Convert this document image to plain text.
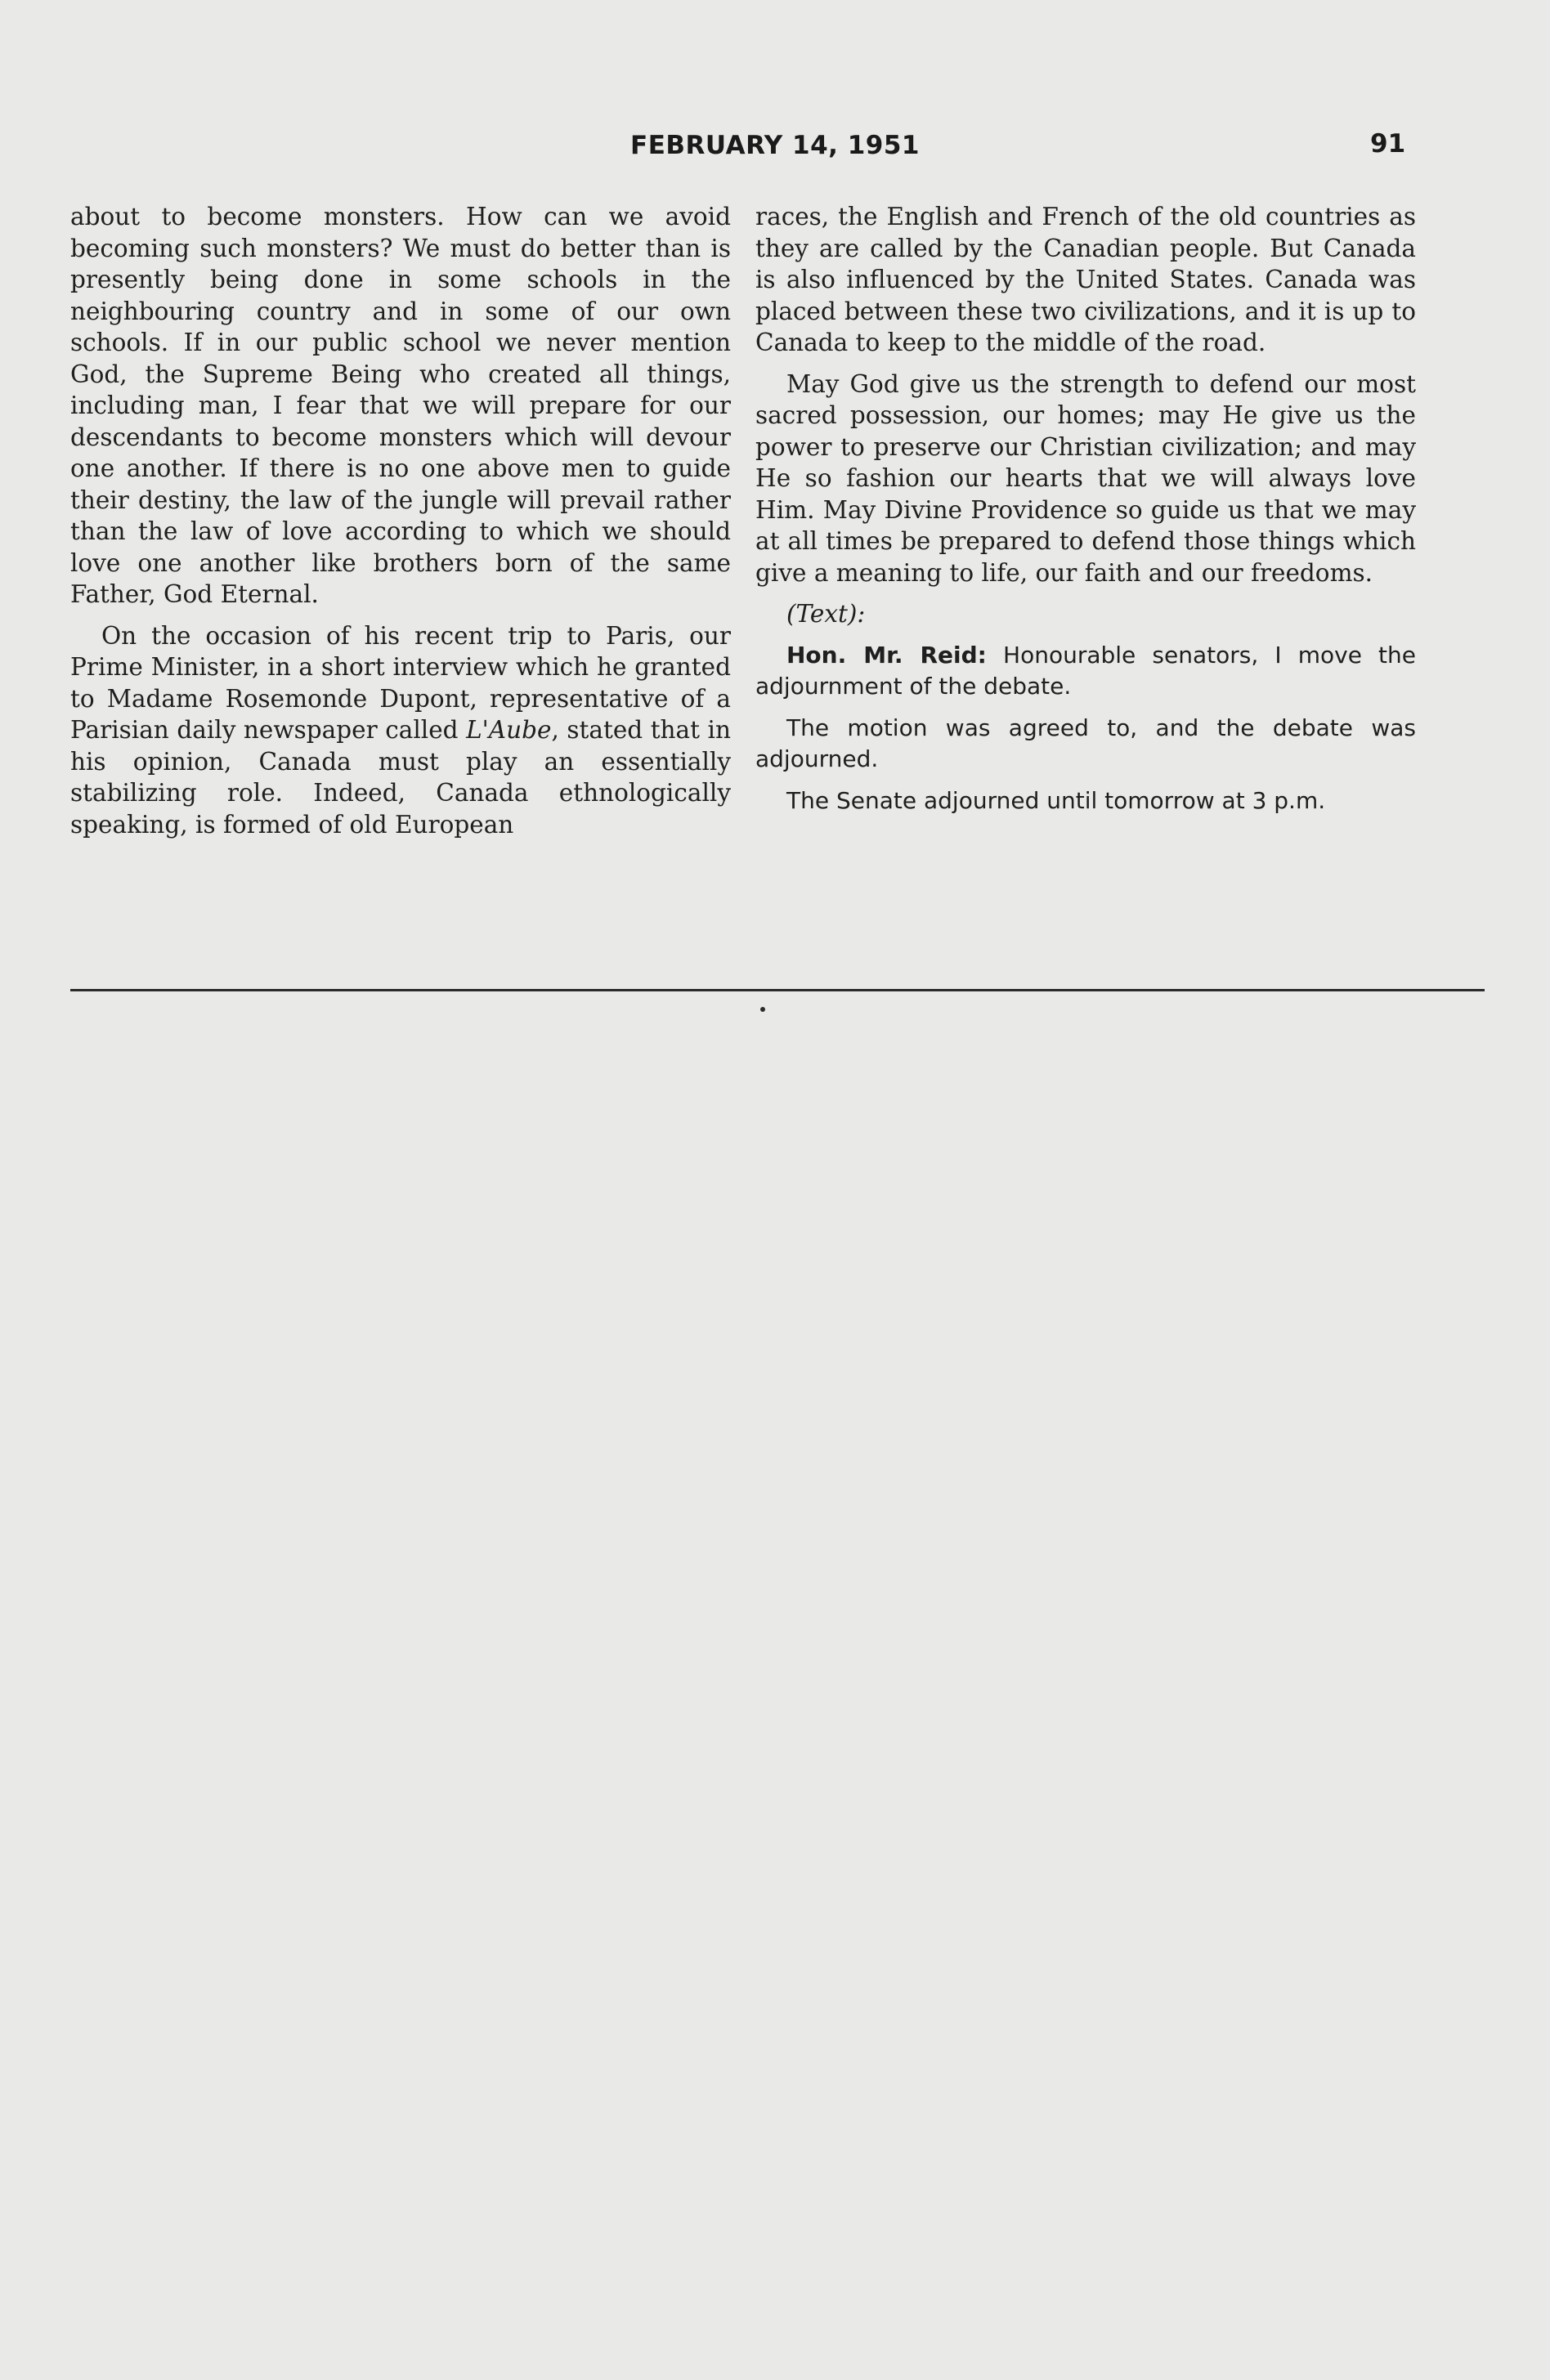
FEBRUARY 14, 1951	91

about to become monsters. How can we avoid becoming such monsters? We must do better than is presently being done in some schools in the neighbouring country and in some of our own schools. If in our public school we never mention God, the Supreme Being who created all things, including man, I fear that we will prepare for our descendants to become monsters which will devour one another. If there is no one above men to guide their destiny, the law of the jungle will prevail rather than the law of love according to which we should love one another like brothers born of the same Father, God Eternal.

On the occasion of his recent trip to Paris, our Prime Minister, in a short interview which he granted to Madame Rosemonde Dupont, representative of a Parisian daily newspaper called L'Aube, stated that in his opinion, Canada must play an essentially stabilizing role. Indeed, Canada ethnologically speaking, is formed of old European

races, the English and French of the old countries as they are called by the Canadian people. But Canada is also influenced by the United States. Canada was placed between these two civilizations, and it is up to Canada to keep to the middle of the road.

May God give us the strength to defend our most sacred possession, our homes; may He give us the power to preserve our Christian civilization; and may He so fashion our hearts that we will always love Him. May Divine Providence so guide us that we may at all times be prepared to defend those things which give a meaning to life, our faith and our freedoms.

(Text):

Hon. Mr. Reid: Honourable senators, I move the adjournment of the debate.

The motion was agreed to, and the debate was adjourned.

The Senate adjourned until tomorrow at 3 p.m.
